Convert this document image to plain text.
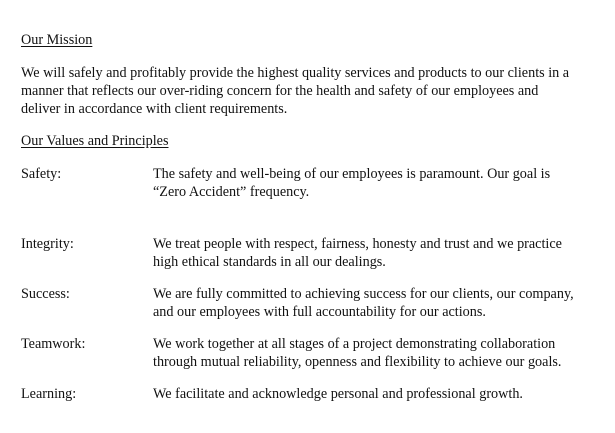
Our Mission
We will safely and profitably provide the highest quality services and products to our clients in a
manner that reflects our over-riding concern for the health and safety of our employees and
deliver in accordance with client requirements.
Our Values and Principles
Safety:	The safety and well-being of our employees is paramount. Our goal is
“Zero Accident” frequency.
Integrity:	We treat people with respect, fairness, honesty and trust and we practice
high ethical standards in all our dealings.
Success:	We are fully committed to achieving success for our clients, our company,
and our employees with full accountability for our actions.
Teamwork:	We work together at all stages of a project demonstrating collaboration
through mutual reliability, openness and flexibility to achieve our goals.
Learning:	We facilitate and acknowledge personal and professional growth.
